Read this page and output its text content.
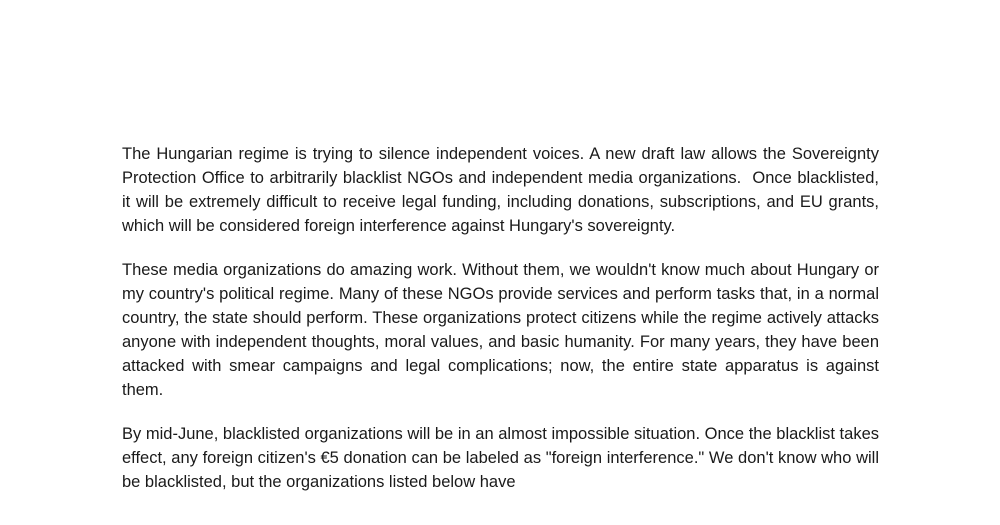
The Hungarian regime is trying to silence independent voices. A new draft law allows the Sovereignty Protection Office to arbitrarily blacklist NGOs and independent media organizations.  Once blacklisted, it will be extremely difficult to receive legal funding, including donations, subscriptions, and EU grants, which will be considered foreign interference against Hungary's sovereignty.

These media organizations do amazing work. Without them, we wouldn't know much about Hungary or my country's political regime. Many of these NGOs provide services and perform tasks that, in a normal country, the state should perform. These organizations protect citizens while the regime actively attacks anyone with independent thoughts, moral values, and basic humanity. For many years, they have been attacked with smear campaigns and legal complications; now, the entire state apparatus is against them.

By mid-June, blacklisted organizations will be in an almost impossible situation. Once the blacklist takes effect, any foreign citizen's €5 donation can be labeled as "foreign interference." We don't know who will be blacklisted, but the organizations listed below have
